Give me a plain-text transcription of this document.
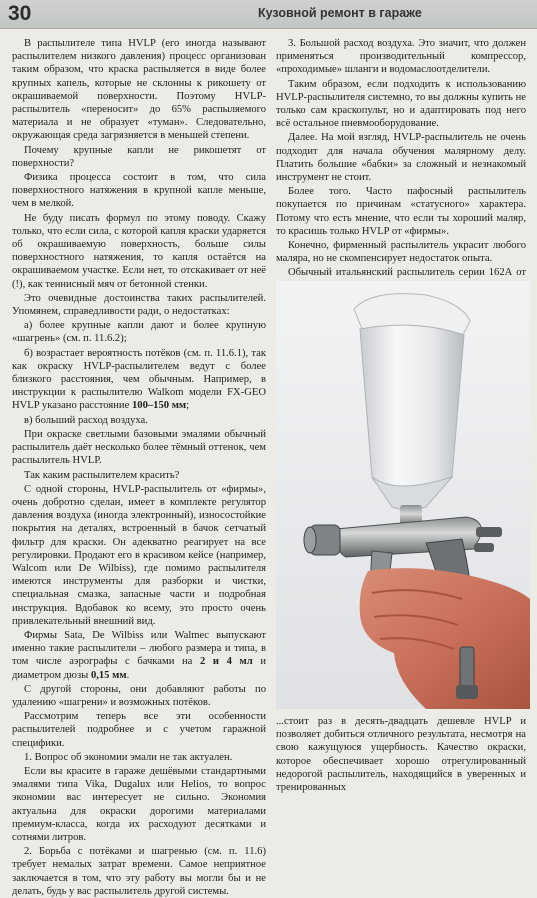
30	Кузовной ремонт в гараже

В распылителе типа HVLP (его иногда называют распылителем низкого давления) процесс организован таким образом, что краска распыляется в виде более крупных капель, которые не склонны к рикошету от окрашиваемой поверхности. Поэтому HVLP-распылитель «переносит» до 65% распыляемого материала и не образует «туман». Следовательно, окружающая среда загрязняется в меньшей степени.

Почему крупные капли не рикошетят от поверхности?

Физика процесса состоит в том, что сила поверхностного натяжения в крупной капле меньше, чем в мелкой.

Не буду писать формул по этому поводу. Скажу только, что если сила, с которой капля краски ударяется об окрашиваемую поверхность, больше силы поверхностного натяжения, то капля остаётся на окрашиваемом участке. Если нет, то отскакивает от неё (!), как теннисный мяч от бетонной стенки.

Это очевидные достоинства таких распылителей. Упомянем, справедливости ради, о недостатках:

а) более крупные капли дают и более крупную «шагрень» (см. п. 11.6.2);

б) возрастает вероятность потёков (см. п. 11.6.1), так как окраску HVLP-распылителем ведут с более близкого расстояния, чем обычным. Например, в инструкции к распылителю Walkom модели FX-GEO HVLP указано расстояние 100–150 мм;

в) больший расход воздуха.

При окраске светлыми базовыми эмалями обычный распылитель даёт несколько более тёмный оттенок, чем распылитель HVLP.

Так каким распылителем красить?

С одной стороны, HVLP-распылитель от «фирмы», очень добротно сделан, имеет в комплекте регулятор давления воздуха (иногда электронный), износостойкие покрытия на деталях, встроенный в бачок сетчатый фильтр для краски. Он адекватно реагирует на все регулировки. Продают его в красивом кейсе (например, Walcom или De Wilbiss), где помимо распылителя имеются инструменты для разборки и чистки, специальная смазка, запасные части и подробная инструкция. Вдобавок ко всему, это просто очень привлекательный внешний вид.

Фирмы Sata, De Wilbiss или Walmec выпускают именно такие распылители – любого размера и типа, в том числе аэрографы с бачками на 2 и 4 мл и диаметром дюзы 0,15 мм.

С другой стороны, они добавляют работы по удалению «шагрени» и возможных потёков.

Рассмотрим теперь все эти особенности распылителей подробнее и с учетом гаражной специфики.

1. Вопрос об экономии эмали не так актуален.

Если вы красите в гараже дешёвыми стандартными эмалями типа Vika, Dugalux или Helios, то вопрос экономии вас интересует не сильно. Экономия актуальна для окраски дорогими материалами премиум-класса, когда их расходуют десятками и сотнями литров.

2. Борьба с потёками и шагренью (см. п. 11.6) требует немалых затрат времени. Самое неприятное заключается в том, что эту работу вы могли бы и не делать, будь у вас распылитель другой системы.

3. Большой расход воздуха. Это значит, что должен применяться производительный компрессор, «проходимые» шланги и водомаслоотделители.

Таким образом, если подходить к использованию HVLP-распылителя системно, то вы должны купить не только сам краскопульт, но и адаптировать под него всё остальное пневмооборудование.

Далее. На мой взгляд, HVLP-распылитель не очень подходит для начала обучения малярному делу. Платить большие «бабки» за сложный и незнакомый инструмент не стоит.

Более того. Часто пафосный распылитель покупается по причинам «статусного» характера. Потому что есть мнение, что если ты хороший маляр, то красишь только HVLP от «фирмы».

Конечно, фирменный распылитель украсит любого маляра, но не скомпенсирует недостаток опыта.

Обычный итальянский распылитель серии 162А от

...стоит раз в десять-двадцать дешевле HVLP и позволяет добиться отличного результата, несмотря на свою кажущуюся ущербность. Качество окраски, которое обеспечивает хорошо отрегулированный недорогой распылитель, находящийся в уверенных и тренированных
